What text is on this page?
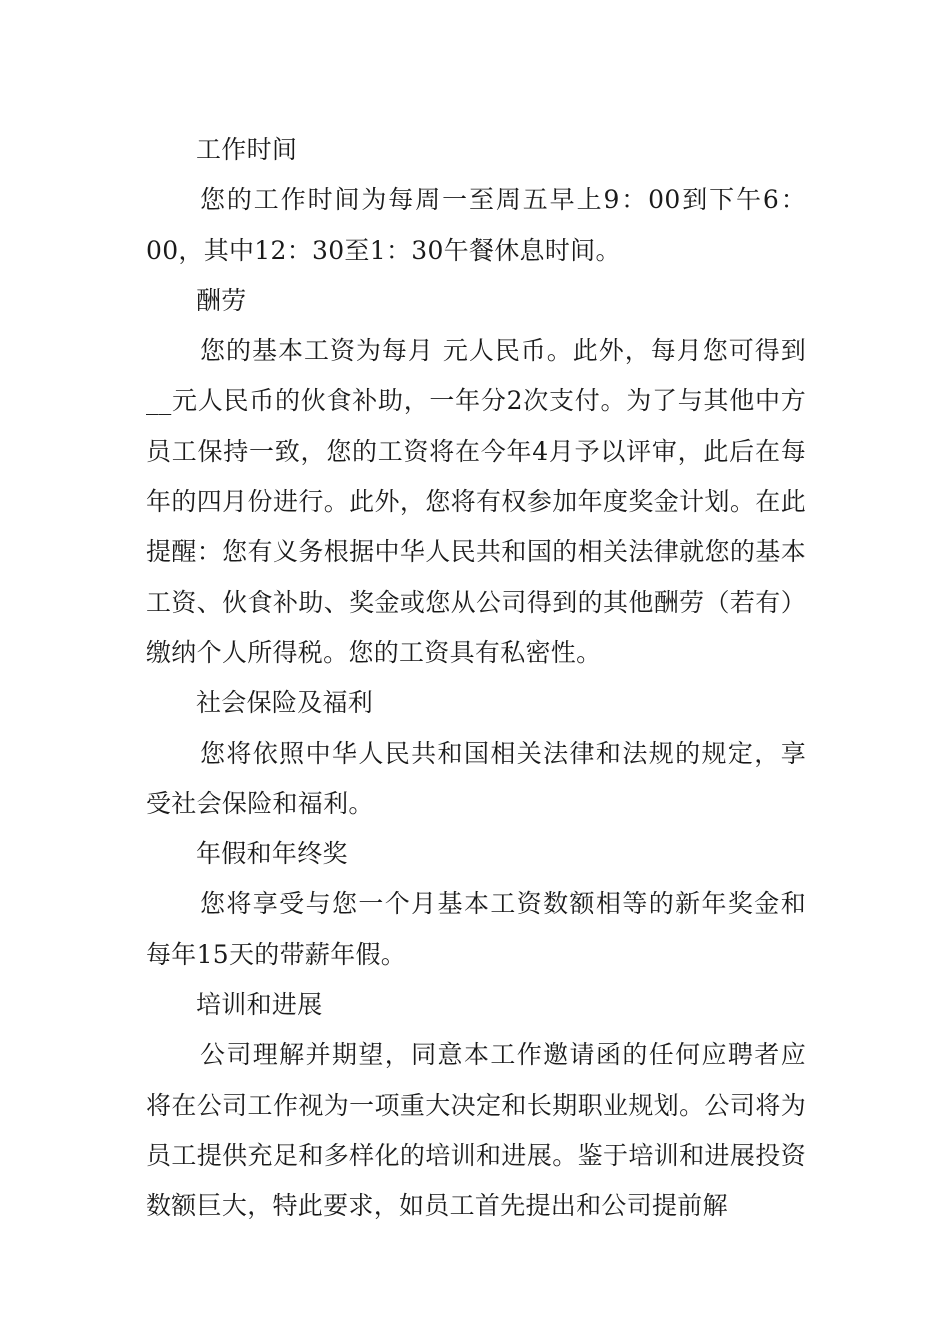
工作时间

您的工作时间为每周一至周五早上9：00到下午6：00，其中12：30至1：30午餐休息时间。

酬劳

您的基本工资为每月 元人民币。此外，每月您可得到__元人民币的伙食补助，一年分2次支付。为了与其他中方员工保持一致，您的工资将在今年4月予以评审，此后在每年的四月份进行。此外，您将有权参加年度奖金计划。在此提醒：您有义务根据中华人民共和国的相关法律就您的基本工资、伙食补助、奖金或您从公司得到的其他酬劳（若有）缴纳个人所得税。您的工资具有私密性。

社会保险及福利

您将依照中华人民共和国相关法律和法规的规定，享受社会保险和福利。

年假和年终奖

您将享受与您一个月基本工资数额相等的新年奖金和每年15天的带薪年假。

培训和进展

公司理解并期望，同意本工作邀请函的任何应聘者应将在公司工作视为一项重大决定和长期职业规划。公司将为员工提供充足和多样化的培训和进展。鉴于培训和进展投资数额巨大，特此要求，如员工首先提出和公司提前解
